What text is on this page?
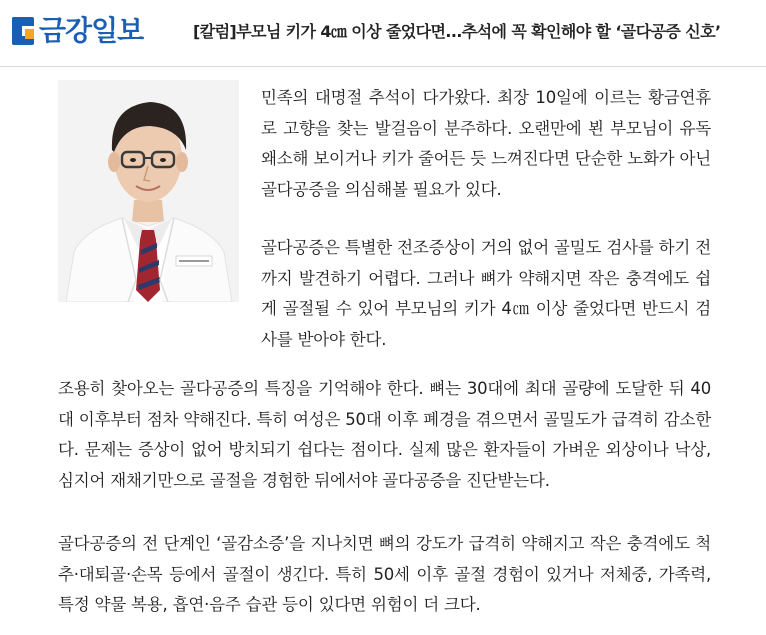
금강일보	[칼럼]부모님 키가 4㎝ 이상 줄었다면...추석에 꼭 확인해야 할 ‘골다공증 신호’

민족의 대명절 추석이 다가왔다. 최장 10일에 이르는 황금연휴로 고향을 찾는 발걸음이 분주하다. 오랜만에 뵌 부모님이 유독 왜소해 보이거나 키가 줄어든 듯 느껴진다면 단순한 노화가 아닌 골다공증을 의심해볼 필요가 있다.

골다공증은 특별한 전조증상이 거의 없어 골밀도 검사를 하기 전까지 발견하기 어렵다. 그러나 뼈가 약해지면 작은 충격에도 쉽게 골절될 수 있어 부모님의 키가 4㎝ 이상 줄었다면 반드시 검사를 받아야 한다.

조용히 찾아오는 골다공증의 특징을 기억해야 한다. 뼈는 30대에 최대 골량에 도달한 뒤 40대 이후부터 점차 약해진다. 특히 여성은 50대 이후 폐경을 겪으면서 골밀도가 급격히 감소한다. 문제는 증상이 없어 방치되기 쉽다는 점이다. 실제 많은 환자들이 가벼운 외상이나 낙상, 심지어 재채기만으로 골절을 경험한 뒤에서야 골다공증을 진단받는다.

골다공증의 전 단계인 ‘골감소증’을 지나치면 뼈의 강도가 급격히 약해지고 작은 충격에도 척추·대퇴골·손목 등에서 골절이 생긴다. 특히 50세 이후 골절 경험이 있거나 저체중, 가족력, 특정 약물 복용, 흡연·음주 습관 등이 있다면 위험이 더 크다.
